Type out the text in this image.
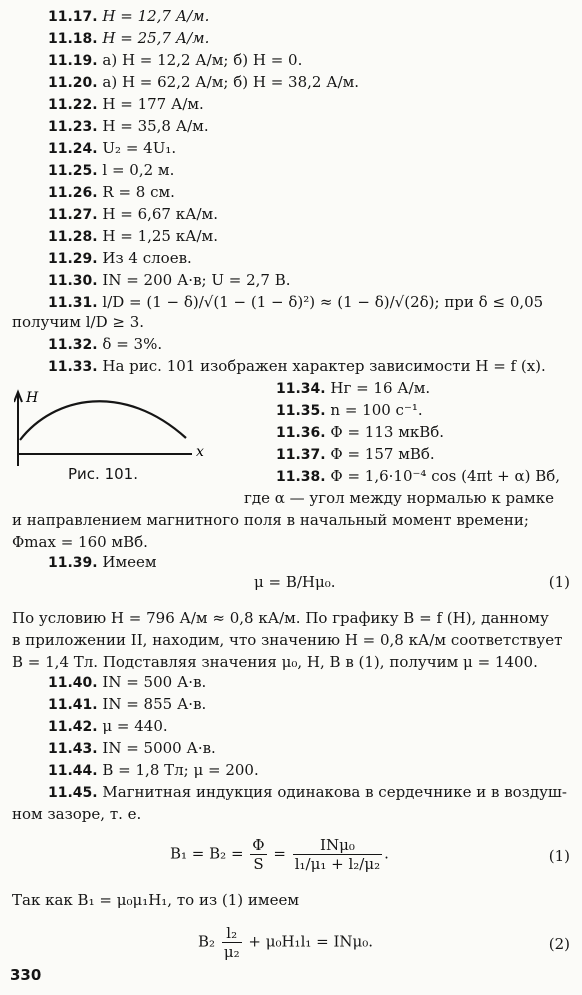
11.17. H = 12,7 А/м.
11.18. H = 25,7 А/м.
11.19. а) H = 12,2 А/м; б) H = 0.
11.20. а) H = 62,2 А/м; б) H = 38,2 А/м.
11.22. H = 177 А/м.
11.23. H = 35,8 А/м.
11.24. U₂ = 4U₁.
11.25. l = 0,2 м.
11.26. R = 8 см.
11.27. H = 6,67 кА/м.
11.28. H = 1,25 кА/м.
11.29. Из 4 слоев.
11.30. IN = 200 А·в; U = 2,7 В.
11.31. l/D = (1 − δ)/√(1 − (1 − δ)²) ≈ (1 − δ)/√(2δ); при δ ≤ 0,05
получим l/D ≥ 3.
11.32. δ = 3%.
11.33. На рис. 101 изображен характер зависимости H = f (x).
H
x
Рис. 101.
11.34. Hг = 16 А/м.
11.35. n = 100 с⁻¹.
11.36. Φ = 113 мкВб.
11.37. Φ = 157 мВб.
11.38. Φ = 1,6·10⁻⁴ cos (4πt + α) Вб,
где α — угол между нормалью к рамке
и направлением магнитного поля в начальный момент времени;
Φmax = 160 мВб.
11.39. Имеем
μ = B/Hμ₀.	(1)
По условию H = 796 А/м ≈ 0,8 кА/м. По графику B = f (H), данному
в приложении II, находим, что значению H = 0,8 кА/м соответствует
B = 1,4 Тл. Подставляя значения μ₀, H, B в (1), получим μ = 1400.
11.40. IN = 500 А·в.
11.41. IN = 855 А·в.
11.42. μ = 440.
11.43. IN = 5000 А·в.
11.44. B = 1,8 Тл; μ = 200.
11.45. Магнитная индукция одинакова в сердечнике и в воздуш-
ном зазоре, т. е.
$B_1 = B_2 = \frac{\Phi}{S} = \frac{\text{INμ₀}}{\text{l₁/μ₁ + l₂/μ₂}}$ .	(1)
Так как B₁ = μ₀μ₁H₁, то из (1) имеем
$B_2 \frac{\text{l₂}}{\text{μ₂}} + \mu_0H_1l_1 = IN\mu_0$.	(2)
330
